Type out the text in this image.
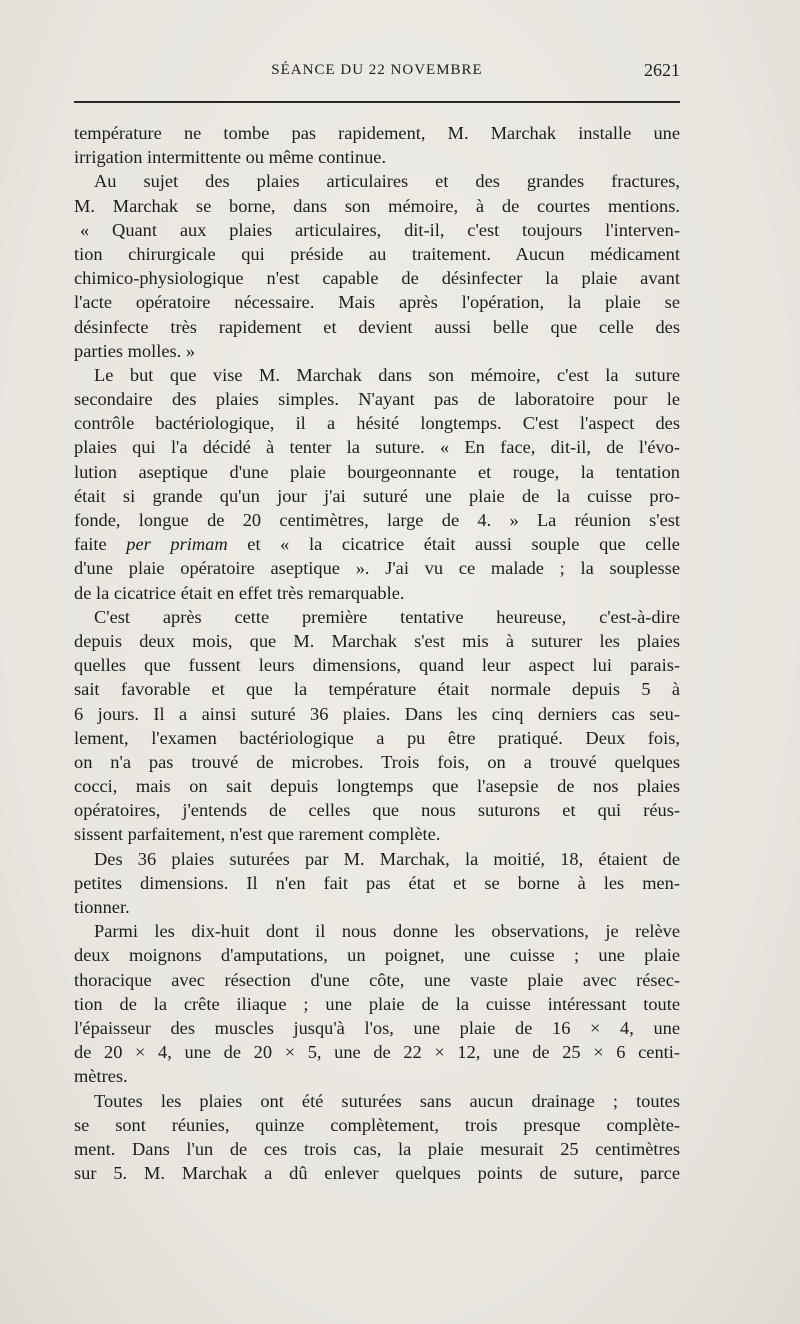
SÉANCE DU 22 NOVEMBRE	2621
température ne tombe pas rapidement, M. Marchak installe une
irrigation intermittente ou même continue.
Au sujet des plaies articulaires et des grandes fractures,
M. Marchak se borne, dans son mémoire, à de courtes mentions.
« Quant aux plaies articulaires, dit-il, c'est toujours l'interven-
tion chirurgicale qui préside au traitement. Aucun médicament
chimico-physiologique n'est capable de désinfecter la plaie avant
l'acte opératoire nécessaire. Mais après l'opération, la plaie se
désinfecte très rapidement et devient aussi belle que celle des
parties molles. »
Le but que vise M. Marchak dans son mémoire, c'est la suture
secondaire des plaies simples. N'ayant pas de laboratoire pour le
contrôle bactériologique, il a hésité longtemps. C'est l'aspect des
plaies qui l'a décidé à tenter la suture. « En face, dit-il, de l'évo-
lution aseptique d'une plaie bourgeonnante et rouge, la tentation
était si grande qu'un jour j'ai suturé une plaie de la cuisse pro-
fonde, longue de 20 centimètres, large de 4. » La réunion s'est
faite per primam et « la cicatrice était aussi souple que celle
d'une plaie opératoire aseptique ». J'ai vu ce malade ; la souplesse
de la cicatrice était en effet très remarquable.
C'est après cette première tentative heureuse, c'est-à-dire
depuis deux mois, que M. Marchak s'est mis à suturer les plaies
quelles que fussent leurs dimensions, quand leur aspect lui parais-
sait favorable et que la température était normale depuis 5 à
6 jours. Il a ainsi suturé 36 plaies. Dans les cinq derniers cas seu-
lement, l'examen bactériologique a pu être pratiqué. Deux fois,
on n'a pas trouvé de microbes. Trois fois, on a trouvé quelques
cocci, mais on sait depuis longtemps que l'asepsie de nos plaies
opératoires, j'entends de celles que nous suturons et qui réus-
sissent parfaitement, n'est que rarement complète.
Des 36 plaies suturées par M. Marchak, la moitié, 18, étaient de
petites dimensions. Il n'en fait pas état et se borne à les men-
tionner.
Parmi les dix-huit dont il nous donne les observations, je relève
deux moignons d'amputations, un poignet, une cuisse ; une plaie
thoracique avec résection d'une côte, une vaste plaie avec résec-
tion de la crête iliaque ; une plaie de la cuisse intéressant toute
l'épaisseur des muscles jusqu'à l'os, une plaie de 16 × 4, une
de 20 × 4, une de 20 × 5, une de 22 × 12, une de 25 × 6 centi-
mètres.
Toutes les plaies ont été suturées sans aucun drainage ; toutes
se sont réunies, quinze complètement, trois presque complète-
ment. Dans l'un de ces trois cas, la plaie mesurait 25 centimètres
sur 5. M. Marchak a dû enlever quelques points de suture, parce
